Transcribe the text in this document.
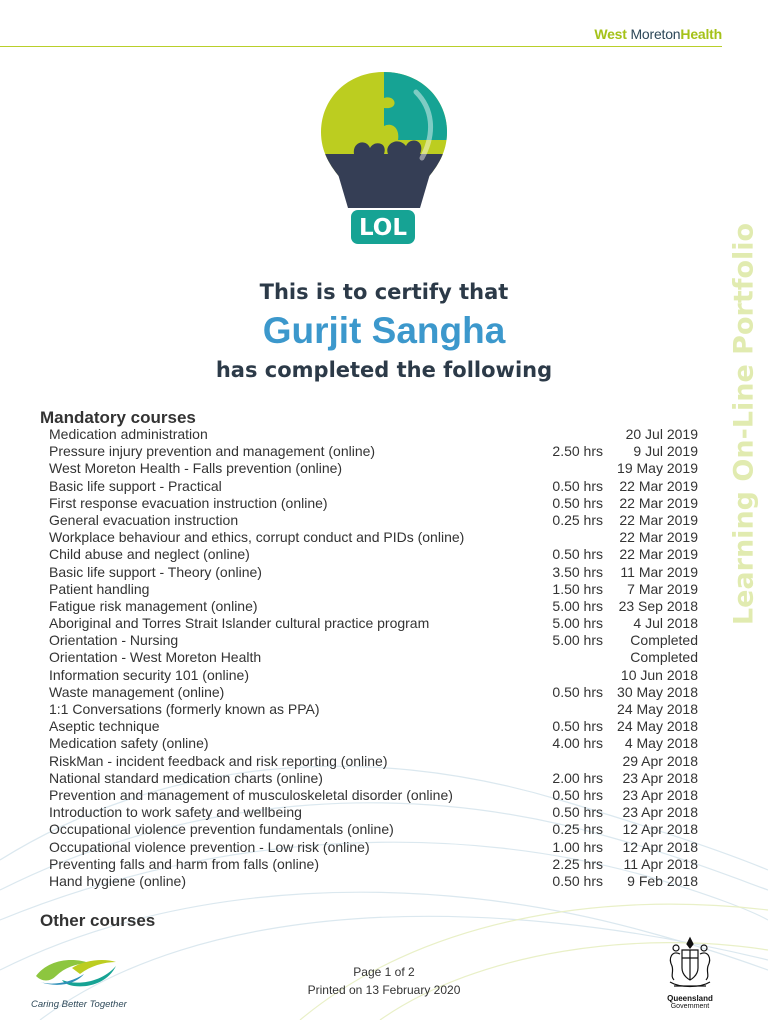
West MoretonHealth
LOL	Learning On-Line Portfolio
This is to certify that
Gurjit Sangha
has completed the following
Mandatory courses
Medication administration	20 Jul 2019
Pressure injury prevention and management (online)	2.50 hrs 9 Jul 2019
West Moreton Health - Falls prevention (online)	19 May 2019
Basic life support - Practical	0.50 hrs 22 Mar 2019
First response evacuation instruction (online)	0.50 hrs 22 Mar 2019
General evacuation instruction	0.25 hrs 22 Mar 2019
Workplace behaviour and ethics, corrupt conduct and PIDs (online)	22 Mar 2019
Child abuse and neglect (online)	0.50 hrs 22 Mar 2019
Basic life support - Theory (online)	3.50 hrs 11 Mar 2019
Patient handling	1.50 hrs 7 Mar 2019
Fatigue risk management (online)	5.00 hrs 23 Sep 2018
Aboriginal and Torres Strait Islander cultural practice program	5.00 hrs 4 Jul 2018
Orientation - Nursing	5.00 hrs Completed
Orientation - West Moreton Health	Completed
Information security 101 (online)	10 Jun 2018
Waste management (online)	0.50 hrs 30 May 2018
1:1 Conversations (formerly known as PPA)	24 May 2018
Aseptic technique	0.50 hrs 24 May 2018
Medication safety (online)	4.00 hrs 4 May 2018
RiskMan - incident feedback and risk reporting (online)	29 Apr 2018
National standard medication charts (online)	2.00 hrs 23 Apr 2018
Prevention and management of musculoskeletal disorder (online)	0.50 hrs 23 Apr 2018
Introduction to work safety and wellbeing	0.50 hrs 23 Apr 2018
Occupational violence prevention fundamentals (online)	0.25 hrs 12 Apr 2018
Occupational violence prevention - Low risk (online)	1.00 hrs 12 Apr 2018
Preventing falls and harm from falls (online)	2.25 hrs 11 Apr 2018
Hand hygiene (online)	0.50 hrs 9 Feb 2018
Other courses
Caring Better Together
Page 1 of 2
Printed on 13 February 2020
Queensland
Government
